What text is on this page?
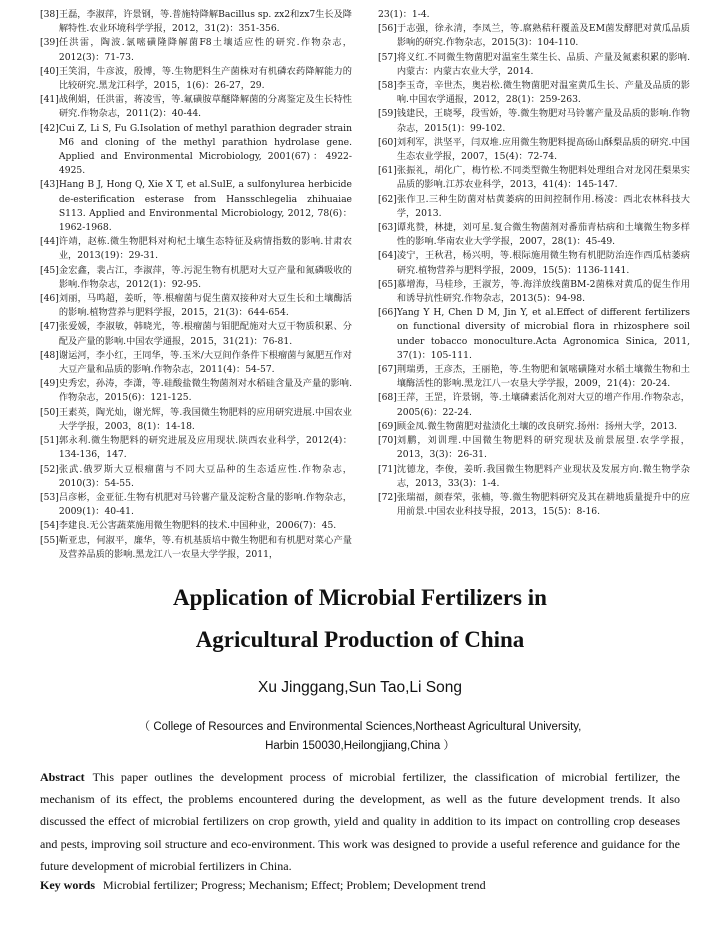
[38] 王磊，李淑萍，许景钢，等.普施特降解Bacillus sp. zx2和zx7生长及降解特性.农业环境科学学报，2012，31(2)：351-356.
[39] 任洪雷，陶波.氯嘧磺隆降解菌F8土壤适应性的研究.作物杂志，2012(3)：71-73.
[40] 王笑涓，牛彦波，殷博，等.生物肥料生产菌株对有机磷农药降解能力的比较研究.黑龙江科学，2015，1(6)：26-27，29.
[41] 战俐娟，任洪雷，蒋凌雪，等.氟磺胺草醚降解菌的分离鉴定及生长特性研究.作物杂志，2011(2)：40-44.
[42] Cui Z, Li S, Fu G.Isolation of methyl parathion degrader strain M6 and cloning of the methyl parathion hydrolase gene. Applied and Environmental Microbiology, 2001(67)：4922-4925.
[43] Hang B J, Hong Q, Xie X T, et al.SulE, a sulfonylurea herbicide de-esterification esterase from Hansschlegelia zhihuaiae S113. Applied and Environmental Microbiology, 2012, 78(6)：1962-1968.
[44] 许靖，赵栋.微生物肥料对枸杞土壤生态特征及病情指数的影响.甘肃农业，2013(19)：29-31.
[45] 金宏鑫，裴占江，李淑萍，等.污泥生物有机肥对大豆产量和氮磷吸收的影响.作物杂志，2012(1)：92-95.
[46] 刘丽，马鸣超，姜昕，等.根瘤菌与促生菌双接种对大豆生长和土壤酶活的影响.植物营养与肥料学报，2015，21(3)：644-654.
[47] 张爱媛，李淑敏，韩晓光，等.根瘤菌与钼肥配施对大豆干物质积累、分配及产量的影响.中国农学通报，2015，31(21)：76-81.
[48] 谢运河，李小红，王同华，等.玉米/大豆间作条件下根瘤菌与氮肥互作对大豆产量和品质的影响.作物杂志，2011(4)：54-57.
[49] 史秀宏，孙涛，李潇，等.硅酸盐微生物菌剂对水稻硅含量及产量的影响.作物杂志，2015(6)：121-125.
[50] 王素英，陶光灿，谢光辉，等.我国微生物肥料的应用研究进展.中国农业大学学报，2003，8(1)：14-18.
[51] 郭永利.微生物肥料的研究进展及应用现状.陕西农业科学，2012(4)：134-136，147.
[52] 张武.俄罗斯大豆根瘤菌与不同大豆品种的生态适应性.作物杂志，2010(3)：54-55.
[53] 吕彦彬，金亚征.生物有机肥对马铃薯产量及淀粉含量的影响.作物杂志，2009(1)：40-41.
[54] 李建良.无公害蔬菜施用微生物肥料的技术.中国种业，2006(7)：45.
[55] 靳亚忠，何淑平，廉华，等.有机基质培中微生物肥和有机肥对菜心产量及营养品质的影响.黑龙江八一农垦大学学报，2011，
23(1)：1-4.
[56] 于志强，徐永清，李凤兰，等.腐熟秸秆覆盖及EM菌发酵肥对黄瓜品质影响的研究.作物杂志，2015(3)：104-110.
[57] 将义红.不同微生物菌肥对温室生菜生长、品质、产量及氮素积累的影响.内蒙古：内蒙古农业大学，2014.
[58] 李玉奇，辛世杰，奥岩松.微生物菌肥对温室黄瓜生长、产量及品质的影响.中国农学通报，2012，28(1)：259-263.
[59] 钱建民，王晓琴，段雪娇，等.微生物肥对马铃薯产量及品质的影响.作物杂志，2015(1)：99-102.
[60] 刘利军，洪坚平，闫双堆.应用微生物肥料提高砀山酥梨品质的研究.中国生态农业学报，2007，15(4)：72-74.
[61] 张振礼，胡化广，梅竹松.不同类型微生物肥料处理组合对龙冈茌梨果实品质的影响.江苏农业科学，2013，41(4)：145-147.
[62] 张作卫.三种生防菌对枯黄萎病的田间控制作用.杨凌：西北农林科技大学，2013.
[63] 谭兆赞，林捷，刘可星.复合微生物菌剂对番茄青枯病和土壤微生物多样性的影响.华南农业大学学报，2007，28(1)：45-49.
[64] 凌宁，王秋君，杨兴明，等.根际施用微生物有机肥防治连作西瓜枯萎病研究.植物营养与肥料学报，2009，15(5)：1136-1141.
[65] 慕增海，马桂珍，王淑芳，等.海洋放线菌BM-2菌株对黄瓜的促生作用和诱导抗性研究.作物杂志，2013(5)：94-98.
[66] Yang Y H, Chen D M, Jin Y, et al.Effect of different fertilizers on functional diversity of microbial flora in rhizosphere soil under tobacco monoculture.Acta Agronomica Sinica, 2011, 37(1)：105-111.
[67] 荆瑞勇，王彦杰，王丽艳，等.生物肥和氯嘧磺隆对水稻土壤微生物和土壤酶活性的影响.黑龙江八一农垦大学学报，2009，21(4)：20-24.
[68] 王萍，王罡，许景钢，等.土壤磷素活化剂对大豆的增产作用.作物杂志，2005(6)：22-24.
[69] 顾金凤.微生物菌肥对盐渍化土壤的改良研究.扬州：扬州大学，2013.
[70] 刘鹏，刘训理.中国微生物肥料的研究现状及前景展望.农学学报，2013，3(3)：26-31.
[71] 沈德龙，李俊，姜昕.我国微生物肥料产业现状及发展方向.微生物学杂志，2013，33(3)：1-4.
[72] 张瑞福，颜春荣，张楠，等.微生物肥料研究及其在耕地质量提升中的应用前景.中国农业科技导报，2013，15(5)：8-16.
Application of Microbial Fertilizers in
Agricultural Production of China
Xu Jinggang,Sun Tao,Li Song
（ College of Resources and Environmental Sciences,Northeast Agricultural University,
Harbin 150030,Heilongjiang,China ）

Abstract This paper outlines the development process of microbial fertilizer, the classification of microbial fertilizer, the mechanism of its effect, the problems encountered during the development, as well as the future development trends. It also discussed the effect of microbial fertilizers on crop growth, yield and quality in addition to its impact on controlling crop deseases and pests, improving soil structure and eco-environment. This work was designed to provide a useful reference and guidance for the future development of microbial fertilizers in China.

Key words Microbial fertilizer; Progress; Mechanism; Effect; Problem; Development trend
